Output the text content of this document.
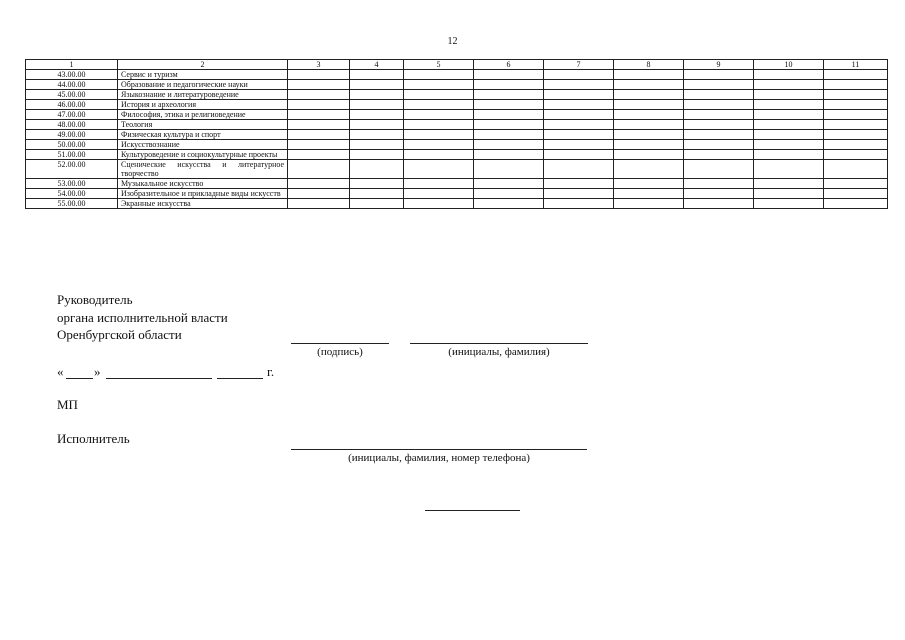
12
1	2	3	4	5	6	7	8	9	10	11
43.00.00	Сервис и туризм									
44.00.00	Образование и педагогические науки									
45.00.00	Языкознание и литературоведение									
46.00.00	История и археология									
47.00.00	Философия, этика и религиоведение									
48.00.00	Теология									
49.00.00	Физическая культура и спорт									
50.00.00	Искусствознание									
51.00.00	Культуроведение и социокультурные проекты									
52.00.00	Сценические искусства и литературное творчество									
53.00.00	Музыкальное искусство									
54.00.00	Изобразительное и прикладные виды искусств									
55.00.00	Экранные искусства									
Руководитель
органа исполнительной власти
Оренбургской области
(подпись)	(инициалы, фамилия)
« »	г.
МП
Исполнитель
(инициалы, фамилия, номер телефона)
